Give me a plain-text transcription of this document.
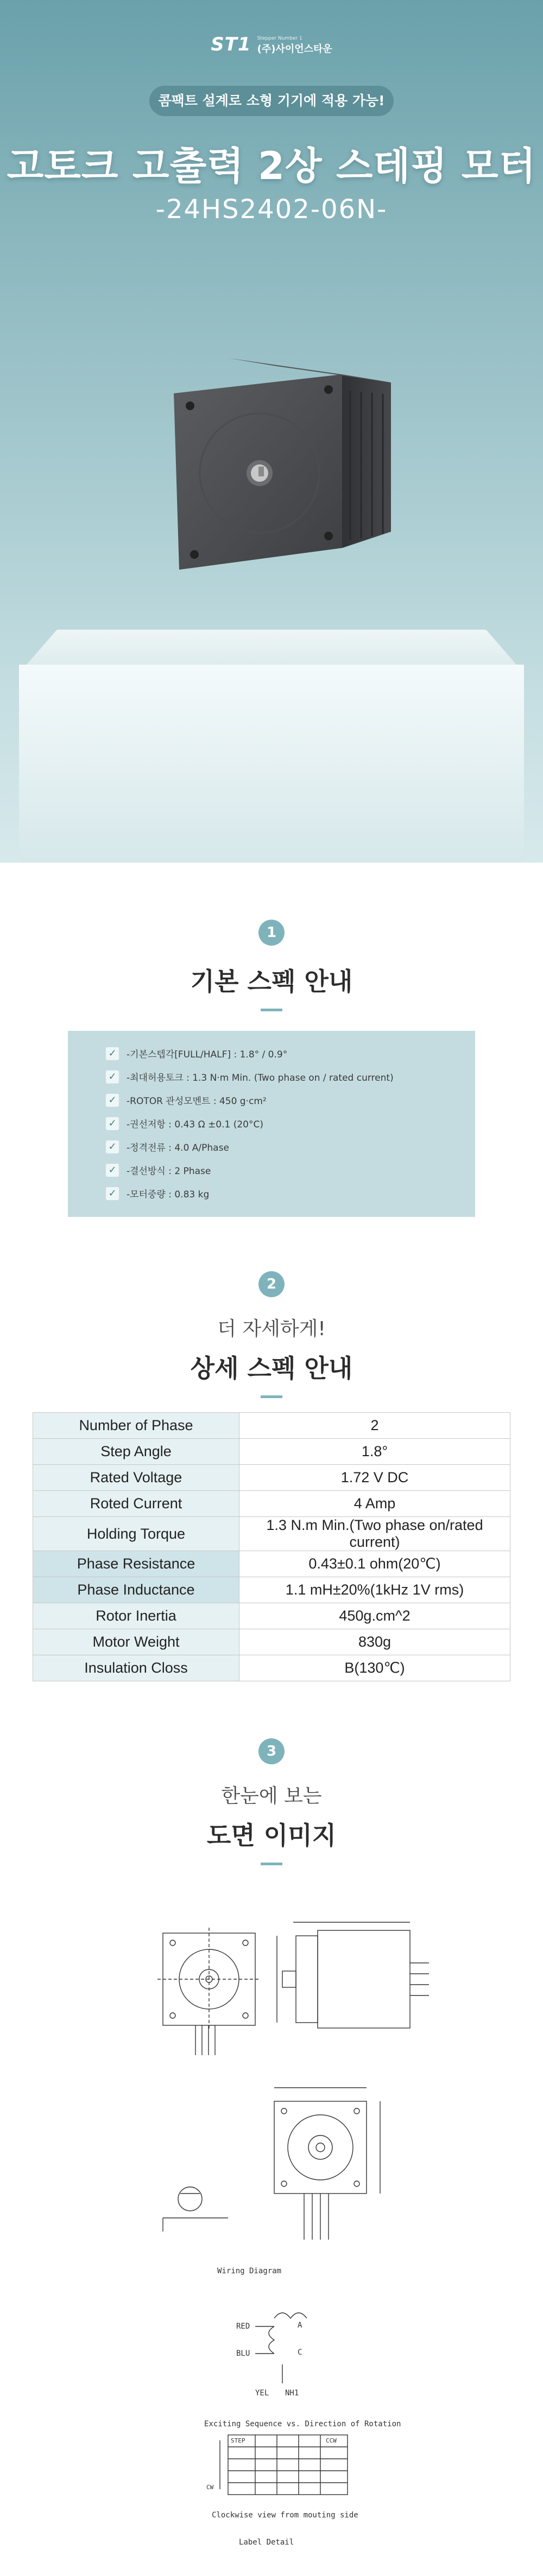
ST1 Stepper Number 1
(주)사이언스타운
콤팩트 설계로 소형 기기에 적용 가능!
고토크 고출력 2상 스테핑 모터
-24HS2402-06N-
1
기본 스펙 안내
✓ -기본스텝각[FULL/HALF] : 1.8° / 0.9°
✓ -최대허용토크 : 1.3 N·m Min. (Two phase on / rated current)
✓ -ROTOR 관성모멘트 : 450 g·cm²
✓ -권선저항 : 0.43 Ω ±0.1 (20°C)
✓ -정격전류 : 4.0 A/Phase
✓ -결선방식 : 2 Phase
✓ -모터중량 : 0.83 kg
2
더 자세하게!
상세 스펙 안내
Number of Phase	2
Step Angle	1.8°
Rated Voltage	1.72 V DC
Roted Current	4 Amp
Holding Torque	1.3 N.m Min.(Two phase on/rated current)
Phase Resistance	0.43±0.1 ohm(20℃)
Phase Inductance	1.1 mH±20%(1kHz 1V rms)
Rotor Inertia	450g.cm^2
Motor Weight	830g
Insulation Closs	B(130℃)
3
한눈에 보는
도면 이미지
Wiring Diagram
RED
BLU
A
C
YEL NH1
Exciting Sequence vs. Direction of Rotation
STEP	CCW
CW
Clockwise view from mouting side
Label Detail
